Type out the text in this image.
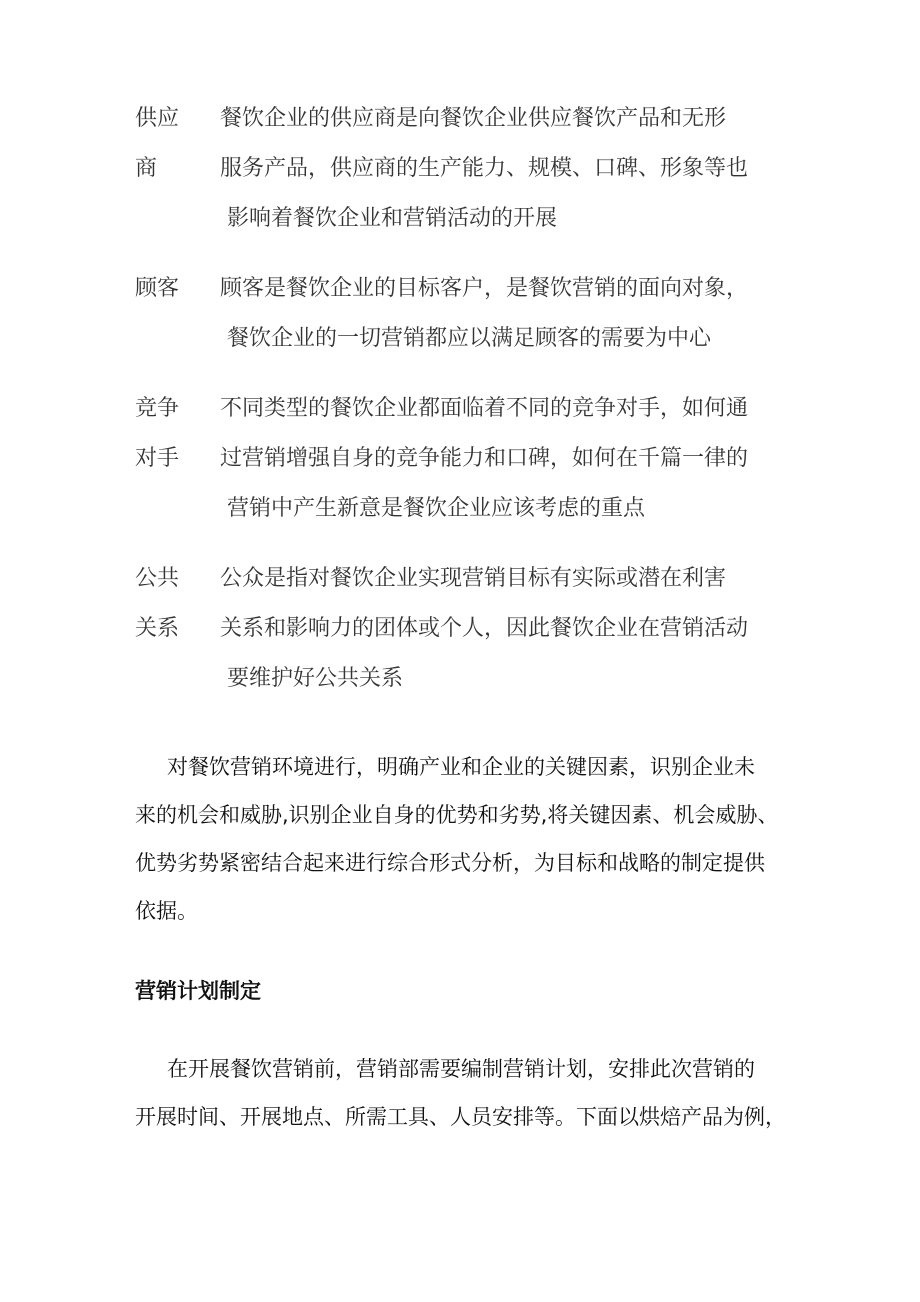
供应
商
餐饮企业的供应商是向餐饮企业供应餐饮产品和无形
服务产品，供应商的生产能力、规模、口碑、形象等也
影响着餐饮企业和营销活动的开展
顾客 顾客是餐饮企业的目标客户，是餐饮营销的面向对象，
餐饮企业的一切营销都应以满足顾客的需要为中心
竞争
对手
不同类型的餐饮企业都面临着不同的竞争对手，如何通
过营销增强自身的竞争能力和口碑，如何在千篇一律的
营销中产生新意是餐饮企业应该考虑的重点
公共
关系
公众是指对餐饮企业实现营销目标有实际或潜在利害
关系和影响力的团体或个人，因此餐饮企业在营销活动
要维护好公共关系
对餐饮营销环境进行，明确产业和企业的关键因素，识别企业未
来的机会和威胁,识别企业自身的优势和劣势,将关键因素、机会威胁、
优势劣势紧密结合起来进行综合形式分析，为目标和战略的制定提供
依据。
营销计划制定
在开展餐饮营销前，营销部需要编制营销计划，安排此次营销的
开展时间、开展地点、所需工具、人员安排等。下面以烘焙产品为例，
